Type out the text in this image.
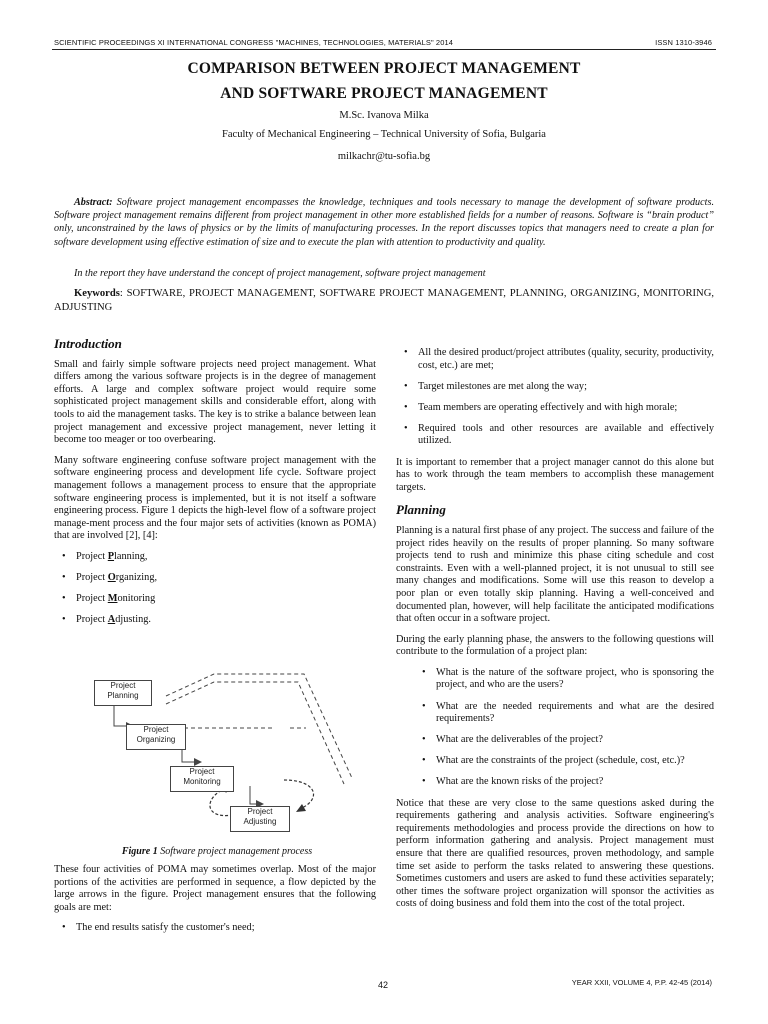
SCIENTIFIC PROCEEDINGS XI INTERNATIONAL CONGRESS "MACHINES, TECHNOLOGIES, MATERIALS" 2014	ISSN 1310-3946
COMPARISON BETWEEN PROJECT MANAGEMENT
AND SOFTWARE PROJECT MANAGEMENT
M.Sc. Ivanova Milka
Faculty of Mechanical Engineering – Technical University of Sofia, Bulgaria
milkachr@tu-sofia.bg
Abstract: Software project management encompasses the knowledge, techniques and tools necessary to manage the development of software products. Software project management remains different from project management in other more established fields for a number of reasons. Software is “brain product” only, unconstrained by the laws of physics or by the limits of manufacturing processes. In the report discusses topics that managers need to create a plan for software development using effective estimation of size and to execute the plan with attention to productivity and quality.
In the report they have understand the concept of project management, software project management
Keywords: SOFTWARE, PROJECT MANAGEMENT, SOFTWARE PROJECT MANAGEMENT, PLANNING, ORGANIZING, MONITORING, ADJUSTING
Introduction

Small and fairly simple software projects need project management. What differs among the various software projects is in the degree of management efforts. A large and complex software project would require some sophisticated project management skills and considerable effort, along with tools to aid the management tasks. The key is to strike a balance between lean project management and excessive project management, never letting it become too meager or too overbearing.

Many software engineering confuse software project management with the software engineering process and development life cycle. Software project management follows a management process to ensure that the appropriate software engineering process is implemented, but it is not itself a software engineering process. Figure 1 depicts the high-level flow of a software project manage-ment process and the four major sets of activities (known as POMA) that are involved [2], [4]:

• Project Planning,
• Project Organizing,
• Project Monitoring
• Project Adjusting.
Project Planning
Project Organizing
Project Monitoring
Project Adjusting
Figure 1 Software project management process

These four activities of POMA may sometimes overlap. Most of the major portions of the activities are performed in sequence, a flow depicted by the large arrows in the figure. Project management ensures that the following goals are met:

• The end results satisfy the customer's need;
• All the desired product/project attributes (quality, security, productivity, cost, etc.) are met;
• Target milestones are met along the way;
• Team members are operating effectively and with high morale;
• Required tools and other resources are available and effectively utilized.

It is important to remember that a project manager cannot do this alone but has to work through the team members to accomplish these management targets.

Planning

Planning is a natural first phase of any project. The success and failure of the project rides heavily on the results of proper planning. So many software projects tend to rush and minimize this phase citing schedule and cost constraints. Even with a well-planned project, it is not unusual to still see many changes and modifications. Some will use this reason to develop a poor plan or even totally skip planning. Having a well-conceived and documented plan, however, will help facilitate the anticipated modifications that often occur in a software project.

During the early planning phase, the answers to the following questions will contribute to the formulation of a project plan:

• What is the nature of the software project, who is sponsoring the project, and who are the users?
• What are the needed requirements and what are the desired requirements?
• What are the deliverables of the project?
• What are the constraints of the project (schedule, cost, etc.)?
• What are the known risks of the project?

Notice that these are very close to the same questions asked during the requirements gathering and analysis activities. Software engineering's requirements methodologies and process provide the directions on how to perform information gathering and analysis. Project management must ensure that there are qualified resources, proven methodology, and sample time set aside to perform the tasks related to answering these questions. Sometimes customers and users are asked to fund these activities separately; other times the software project organization will sponsor the activities as costs of doing business and fold them into the cost of the total project.

42	YEAR XXII, VOLUME 4, P.P. 42-45 (2014)
